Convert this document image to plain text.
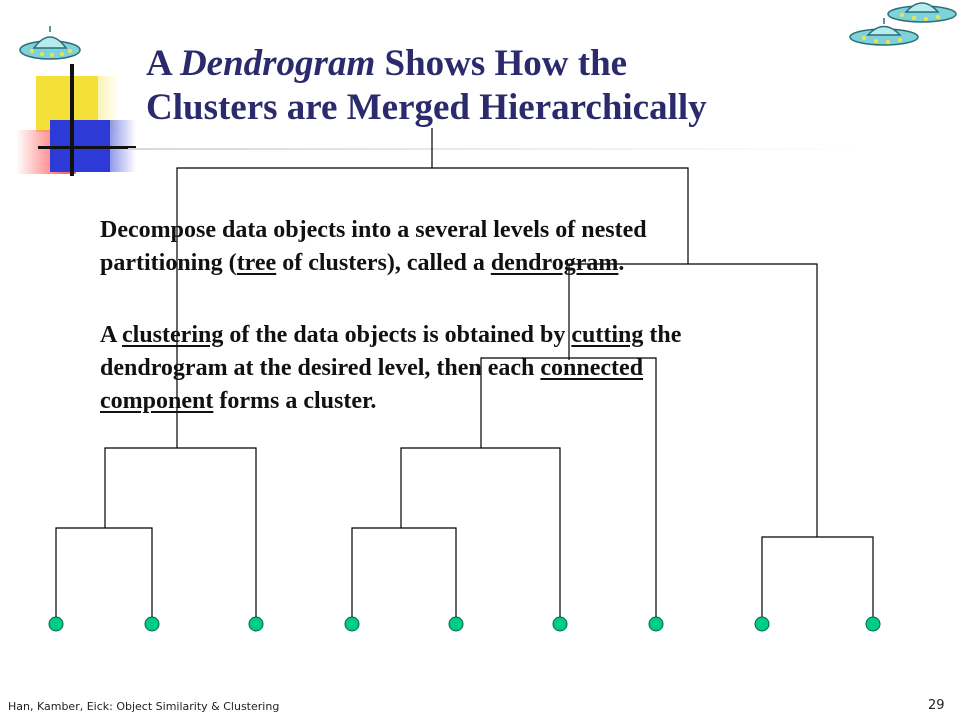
A Dendrogram Shows How the
Clusters are Merged Hierarchically

Decompose data objects into a several levels of nested
partitioning (tree of clusters), called a dendrogram.

A clustering of the data objects is obtained by cutting the
dendrogram at the desired level, then each connected
component forms a cluster.

Han, Kamber, Eick: Object Similarity & Clustering	29
